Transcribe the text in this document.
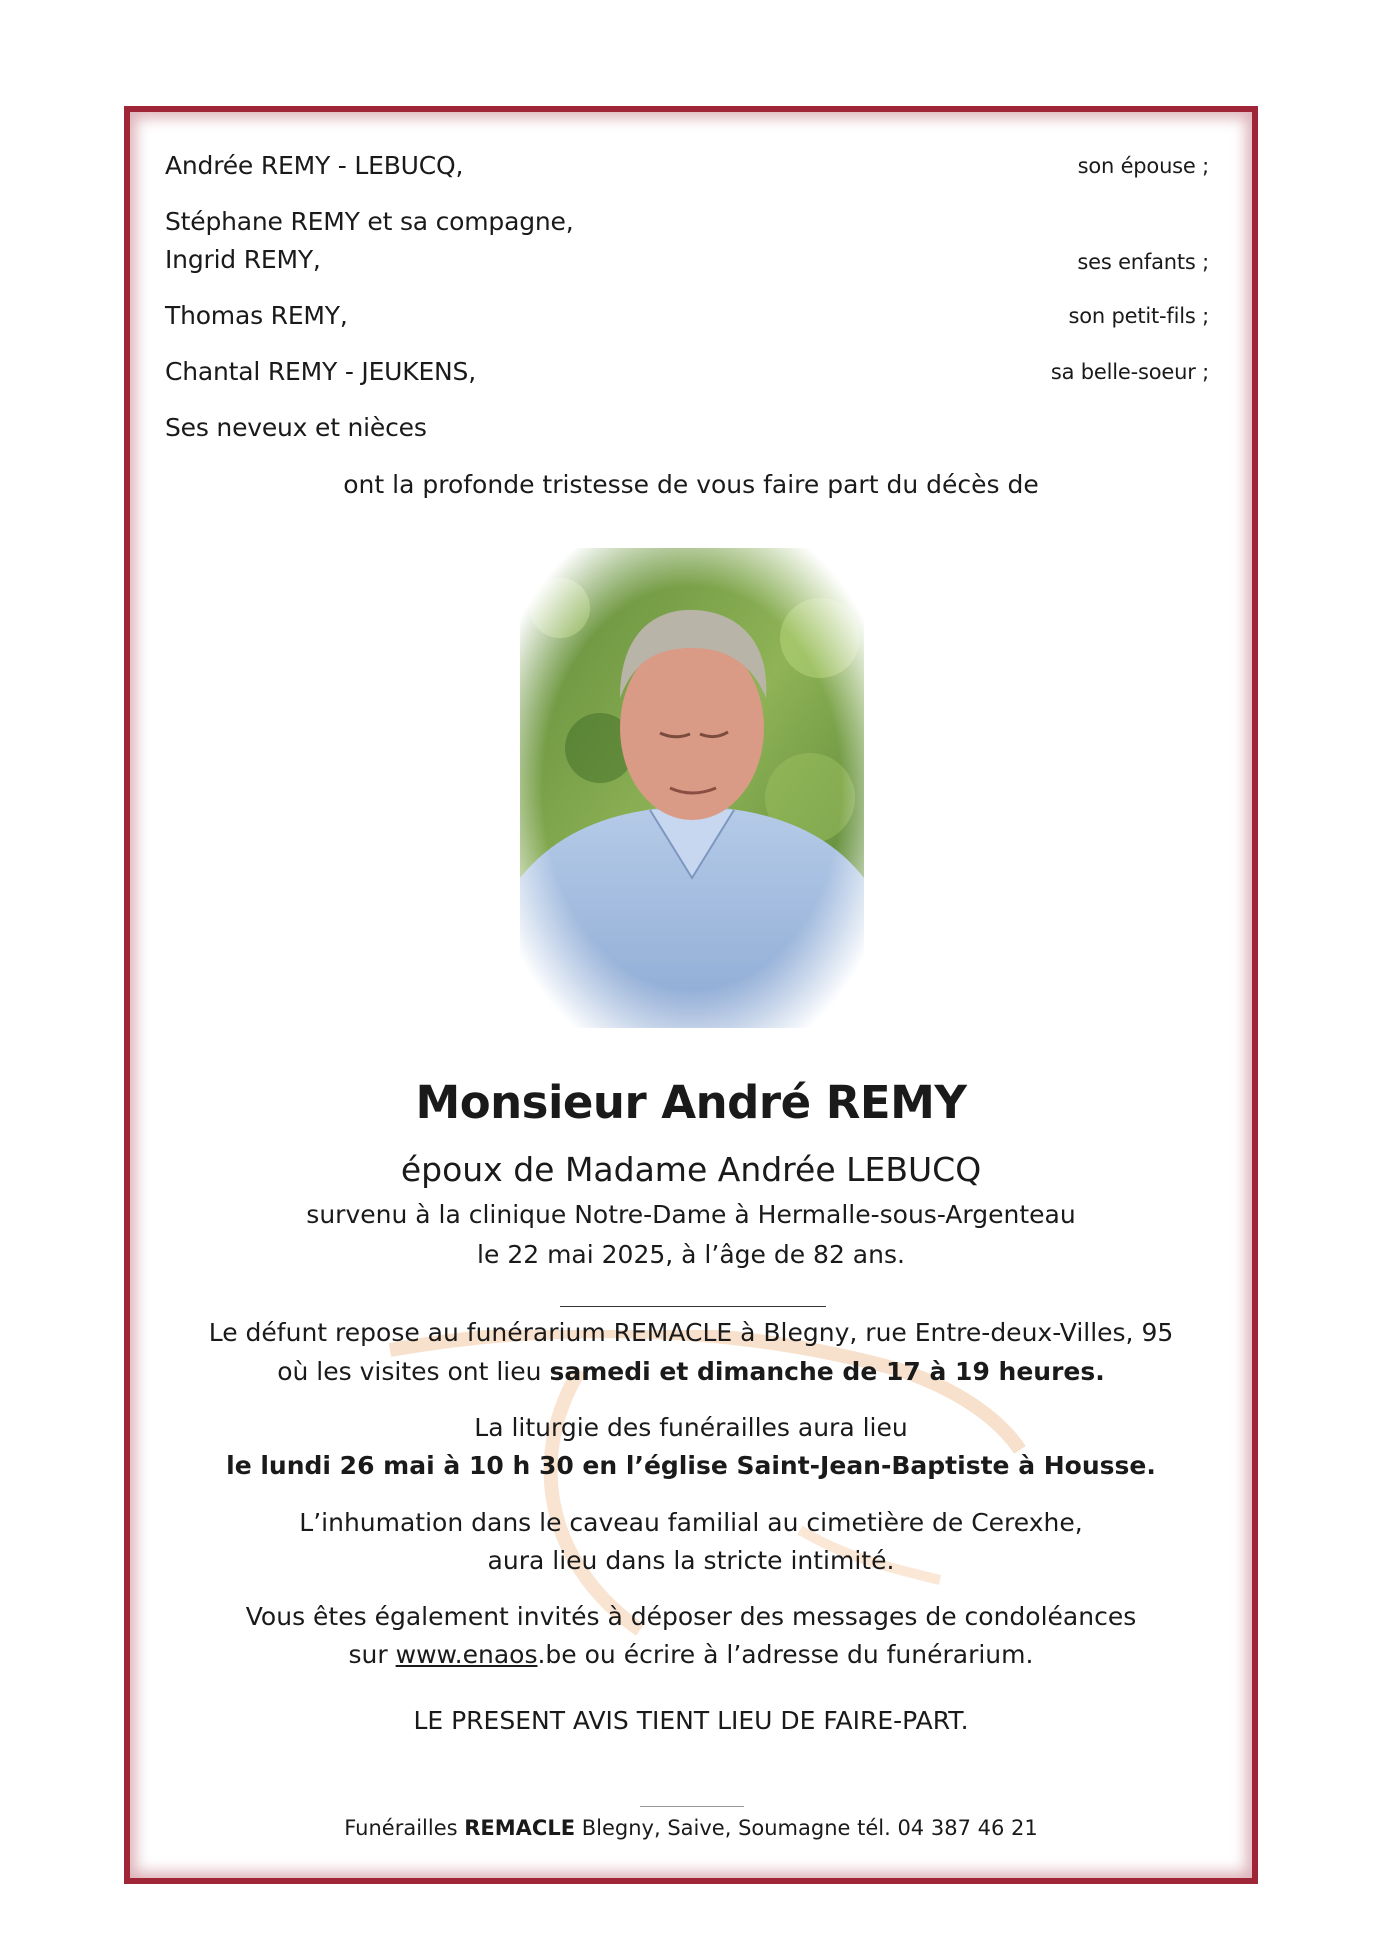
Andrée REMY - LEBUCQ,	son épouse ;
Stéphane REMY et sa compagne,
Ingrid REMY,	ses enfants ;
Thomas REMY,	son petit-fils ;
Chantal REMY - JEUKENS,	sa belle-soeur ;
Ses neveux et nièces
ont la profonde tristesse de vous faire part du décès de
Monsieur André REMY
époux de Madame Andrée LEBUCQ
survenu à la clinique Notre-Dame à Hermalle-sous-Argenteau
le 22 mai 2025, à l’âge de 82 ans.
Le défunt repose au funérarium REMACLE à Blegny, rue Entre-deux-Villes, 95
où les visites ont lieu samedi et dimanche de 17 à 19 heures.
La liturgie des funérailles aura lieu
le lundi 26 mai à 10 h 30 en l’église Saint-Jean-Baptiste à Housse.
L’inhumation dans le caveau familial au cimetière de Cerexhe,
aura lieu dans la stricte intimité.
Vous êtes également invités à déposer des messages de condoléances
sur www.enaos.be ou écrire à l’adresse du funérarium.
LE PRESENT AVIS TIENT LIEU DE FAIRE-PART.
Funérailles REMACLE Blegny, Saive, Soumagne tél. 04 387 46 21
